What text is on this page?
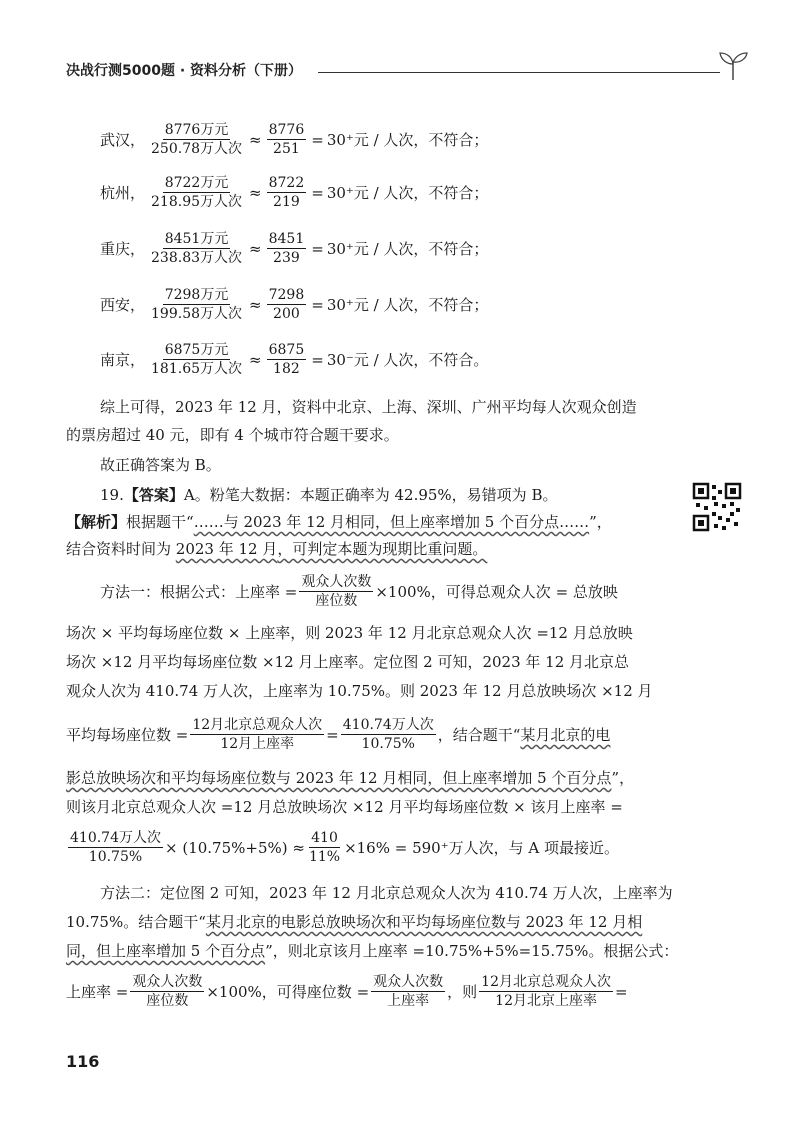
决战行测5000题 · 资料分析（下册）
武汉， $\frac{\text{8776万元}}{\text{250.78万人次}} \approx \frac{8776}{251} = 30^+$元 / 人次，不符合；
杭州， $\frac{\text{8722万元}}{\text{218.95万人次}} \approx \frac{8722}{219} = 30^+$元 / 人次，不符合；
重庆， $\frac{\text{8451万元}}{\text{238.83万人次}} \approx \frac{8451}{239} = 30^+$元 / 人次，不符合；
西安， $\frac{\text{7298万元}}{\text{199.58万人次}} \approx \frac{7298}{200} = 30^+$元 / 人次，不符合；
南京， $\frac{\text{6875万元}}{\text{181.65万人次}} \approx \frac{6875}{182} = 30^-$元 / 人次，不符合。
综上可得，2023 年 12 月，资料中北京、上海、深圳、广州平均每人次观众创造
的票房超过 40 元，即有 4 个城市符合题干要求。
故正确答案为 B。
19.【答案】A。粉笔大数据：本题正确率为 42.95%，易错项为 B。
【解析】根据题干“……与 2023 年 12 月相同，但上座率增加 5 个百分点……”，
结合资料时间为 2023 年 12 月，可判定本题为现期比重问题。
方法一：根据公式：上座率 = $\frac{\text{观众人次数}}{\text{座位数}} \times 100\%$，可得总观众人次 = 总放映
场次 × 平均每场座位数 × 上座率，则 2023 年 12 月北京总观众人次 =12 月总放映
场次 ×12 月平均每场座位数 ×12 月上座率。定位图 2 可知，2023 年 12 月北京总
观众人次为 410.74 万人次，上座率为 10.75%。则 2023 年 12 月总放映场次 ×12 月
平均每场座位数 = $\frac{\text{12月北京总观众人次}}{\text{12月上座率}} = \frac{\text{410.74万人次}}{10.75\%}$ ，结合题干“ 某月北京的电
影总放映场次和平均每场座位数与 2023 年 12 月相同，但上座率增加 5 个百分点”，
则该月北京总观众人次 =12 月总放映场次 ×12 月平均每场座位数 × 该月上座率 =
$\frac{\text{410.74万人次}}{10.75\%} \times (10.75\%+5\%) \approx \frac{410}{11\%} \times 16\% = 590^+$万人次，与 A 项最接近。
方法二：定位图 2 可知，2023 年 12 月北京总观众人次为 410.74 万人次，上座率为
10.75%。结合题干“某月北京的电影总放映场次和平均每场座位数与 2023 年 12 月相
同，但上座率增加 5 个百分点”，则北京该月上座率 =10.75%+5%=15.75%。根据公式：
上座率 = $\frac{\text{观众人次数}}{\text{座位数}} \times 100\%$，可得座位数 = $\frac{\text{观众人次数}}{\text{上座率}}$ ，则 $\frac{\text{12月北京总观众人次}}{\text{12月北京上座率}}$ =
116
